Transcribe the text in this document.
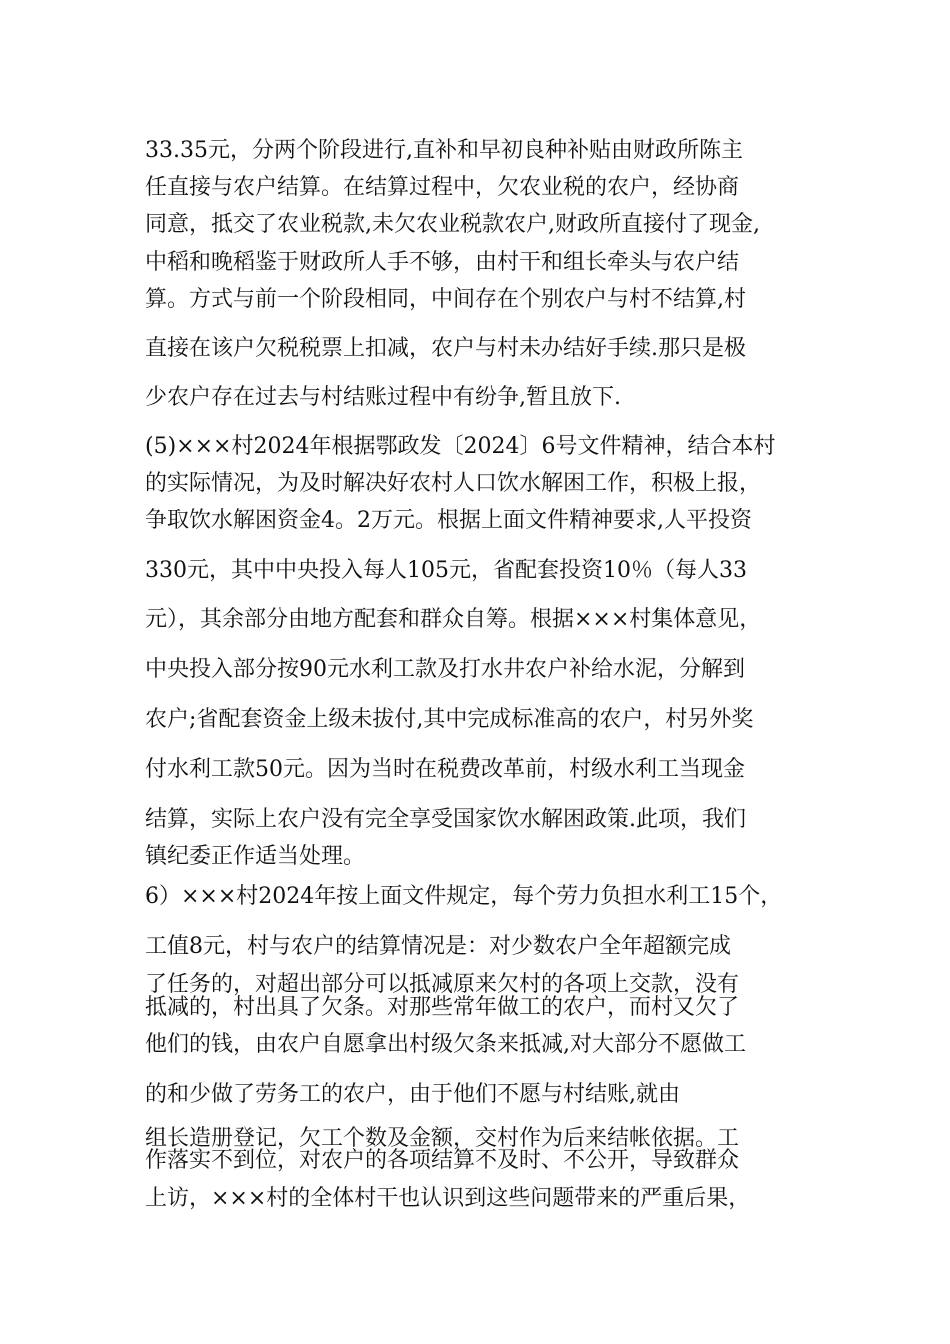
33.35元，分两个阶段进行,直补和早初良种补贴由财政所陈主
任直接与农户结算。在结算过程中，欠农业税的农户，经协商
同意，抵交了农业税款,未欠农业税款农户,财政所直接付了现金,
中稻和晚稻鉴于财政所人手不够，由村干和组长牵头与农户结
算。方式与前一个阶段相同，中间存在个别农户与村不结算,村
直接在该户欠税税票上扣减，农户与村未办结好手续.那只是极
少农户存在过去与村结账过程中有纷争,暂且放下.
(5)×××村2024年根据鄂政发〔2024〕6号文件精神，结合本村
的实际情况，为及时解决好农村人口饮水解困工作，积极上报，
争取饮水解困资金4。2万元。根据上面文件精神要求,人平投资
330元，其中中央投入每人105元，省配套投资10％（每人33
元），其余部分由地方配套和群众自筹。根据×××村集体意见，
中央投入部分按90元水利工款及打水井农户补给水泥，分解到
农户;省配套资金上级未拔付,其中完成标准高的农户，村另外奖
付水利工款50元。因为当时在税费改革前，村级水利工当现金
结算，实际上农户没有完全享受国家饮水解困政策.此项，我们
镇纪委正作适当处理。
6）×××村2024年按上面文件规定，每个劳力负担水利工15个，
工值8元，村与农户的结算情况是：对少数农户全年超额完成
了任务的，对超出部分可以抵减原来欠村的各项上交款，没有
抵减的，村出具了欠条。对那些常年做工的农户，而村又欠了
他们的钱，由农户自愿拿出村级欠条来抵减,对大部分不愿做工
的和少做了劳务工的农户，由于他们不愿与村结账,就由
组长造册登记，欠工个数及金额，交村作为后来结帐依据。工
作落实不到位，对农户的各项结算不及时、不公开，导致群众
上访，×××村的全体村干也认识到这些问题带来的严重后果，
